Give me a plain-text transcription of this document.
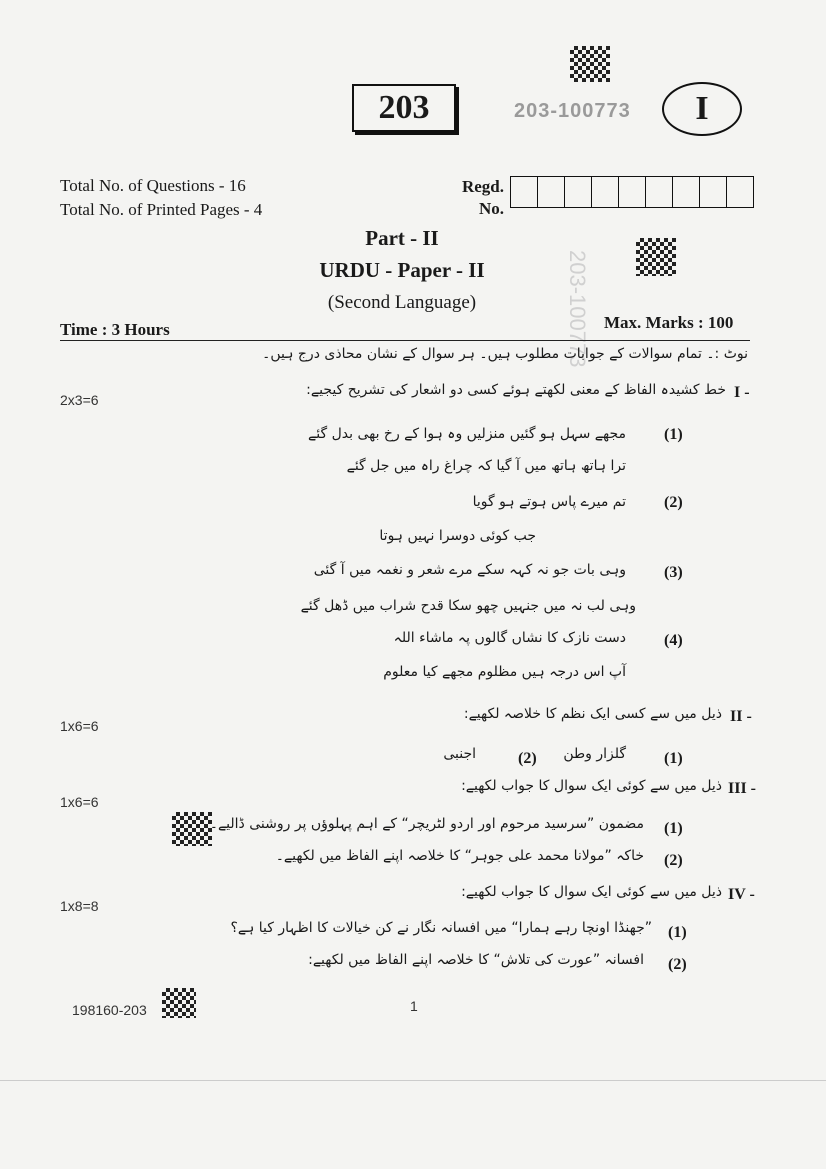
203	203-100773	I
Total No. of Questions - 16
Total No. of Printed Pages - 4
Regd.
No.
203-100773
Part - II
URDU - Paper - II
(Second Language)
Time : 3 Hours	Max. Marks : 100
نوٹ :۔ تمام سوالات کے جوابات مطلوب ہیں۔ ہر سوال کے نشان محاذی درج ہیں۔
2x3=6	I -
خط کشیدہ الفاظ کے معنی لکھتے ہوئے کسی دو اشعار کی تشریح کیجیے:
(1)
مجھے سہل ہو گئیں منزلیں وہ ہوا کے رخ بھی بدل گئے
ترا ہاتھ ہاتھ میں آ گیا کہ چراغ راہ میں جل گئے
(2)
تم میرے پاس ہوتے ہو گویا
جب کوئی دوسرا نہیں ہوتا
(3)
وہی بات جو نہ کہہ سکے مرے شعر و نغمہ میں آ گئی
وہی لب نہ میں جنہیں چھو سکا قدح شراب میں ڈھل گئے
(4)
دست نازک کا نشاں گالوں پہ ماشاء اللہ
آپ اس درجہ ہیں مظلوم مجھے کیا معلوم
1x6=6
II -
ذیل میں سے کسی ایک نظم کا خلاصہ لکھیے:
(1)
گلزار وطن
(2)
اجنبی
1x6=6
III -
ذیل میں سے کوئی ایک سوال کا جواب لکھیے:
(1)
مضمون ”سرسید مرحوم اور اردو لٹریچر“ کے اہم پہلوؤں پر روشنی ڈالیے۔
(2)
خاکہ ”مولانا محمد علی جوہر“ کا خلاصہ اپنے الفاظ میں لکھیے۔
1x8=8
IV -
ذیل میں سے کوئی ایک سوال کا جواب لکھیے:
(1)
”جھنڈا اونچا رہے ہمارا“ میں افسانہ نگار نے کن خیالات کا اظہار کیا ہے؟
(2)
افسانہ ”عورت کی تلاش“ کا خلاصہ اپنے الفاظ میں لکھیے:
198160-203	1
